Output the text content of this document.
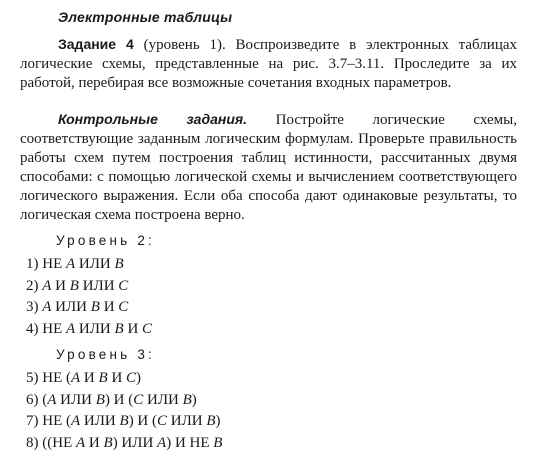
Электронные таблицы

Задание 4 (уровень 1). Воспроизведите в электронных таблицах логические схемы, представленные на рис. 3.7–3.11. Проследите за их работой, перебирая все возможные сочетания входных параметров.

Контрольные задания. Постройте логические схемы, соответствующие заданным логическим формулам. Проверьте правильность работы схем путем построения таблиц истинности, рассчитанных двумя способами: с помощью логической схемы и вычислением соответствующего логического выражения. Если оба способа дают одинаковые результаты, то логическая схема построена верно.

Уровень 2:
1) НЕ A ИЛИ B
2) A И B ИЛИ C
3) A ИЛИ B И C
4) НЕ A ИЛИ B И C
Уровень 3:
5) НЕ (A И B И C)
6) (A ИЛИ B) И (C ИЛИ B)
7) НЕ (A ИЛИ B) И (C ИЛИ B)
8) ((НЕ A И B) ИЛИ A) И НЕ B
